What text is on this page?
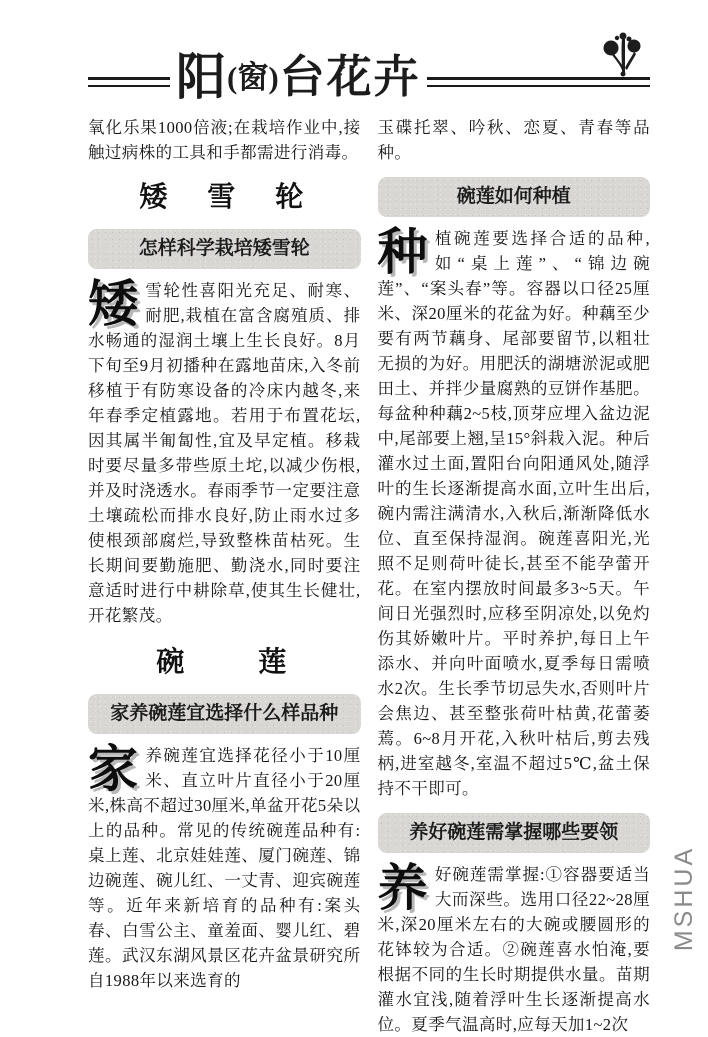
阳 (窗) 台花卉

氧化乐果1000倍液;在栽培作业中,接触过病株的工具和手都需进行消毒。

矮　雪　轮
怎样科学栽培矮雪轮

矮雪轮性喜阳光充足、耐寒、耐肥,栽植在富含腐殖质、排水畅通的湿润土壤上生长良好。8月下旬至9月初播种在露地苗床,入冬前移植于有防寒设备的冷床内越冬,来年春季定植露地。若用于布置花坛,因其属半匍匐性,宜及早定植。移栽时要尽量多带些原土坨,以减少伤根,并及时浇透水。春雨季节一定要注意土壤疏松而排水良好,防止雨水过多使根颈部腐烂,导致整株苗枯死。生长期间要勤施肥、勤浇水,同时要注意适时进行中耕除草,使其生长健壮,开花繁茂。

碗　　莲
家养碗莲宜选择什么样品种

家养碗莲宜选择花径小于10厘米、直立叶片直径小于20厘米,株高不超过30厘米,单盆开花5朵以上的品种。常见的传统碗莲品种有:桌上莲、北京娃娃莲、厦门碗莲、锦边碗莲、碗儿红、一丈青、迎宾碗莲等。近年来新培育的品种有:案头春、白雪公主、童羞面、婴儿红、碧莲。武汉东湖风景区花卉盆景研究所自1988年以来选育的

玉碟托翠、吟秋、恋夏、青春等品种。

碗莲如何种植

种植碗莲要选择合适的品种,如“桌上莲”、“锦边碗莲”、“案头春”等。容器以口径25厘米、深20厘米的花盆为好。种藕至少要有两节藕身、尾部要留节,以粗壮无损的为好。用肥沃的湖塘淤泥或肥田土、并拌少量腐熟的豆饼作基肥。每盆种种藕2~5枝,顶芽应埋入盆边泥中,尾部要上翘,呈15°斜栽入泥。种后灌水过土面,置阳台向阳通风处,随浮叶的生长逐渐提高水面,立叶生出后,碗内需注满清水,入秋后,渐渐降低水位、直至保持湿润。碗莲喜阳光,光照不足则荷叶徒长,甚至不能孕蕾开花。在室内摆放时间最多3~5天。午间日光强烈时,应移至阴凉处,以免灼伤其娇嫩叶片。平时养护,每日上午添水、并向叶面喷水,夏季每日需喷水2次。生长季节切忌失水,否则叶片会焦边、甚至整张荷叶枯黄,花蕾萎蔫。6~8月开花,入秋叶枯后,剪去残柄,进室越冬,室温不超过5℃,盆土保持不干即可。

养好碗莲需掌握哪些要领

养好碗莲需掌握:①容器要适当大而深些。选用口径22~28厘米,深20厘米左右的大碗或腰圆形的花钵较为合适。②碗莲喜水怕淹,要根据不同的生长时期提供水量。苗期灌水宜浅,随着浮叶生长逐渐提高水位。夏季气温高时,应每天加1~2次

MSHUA
